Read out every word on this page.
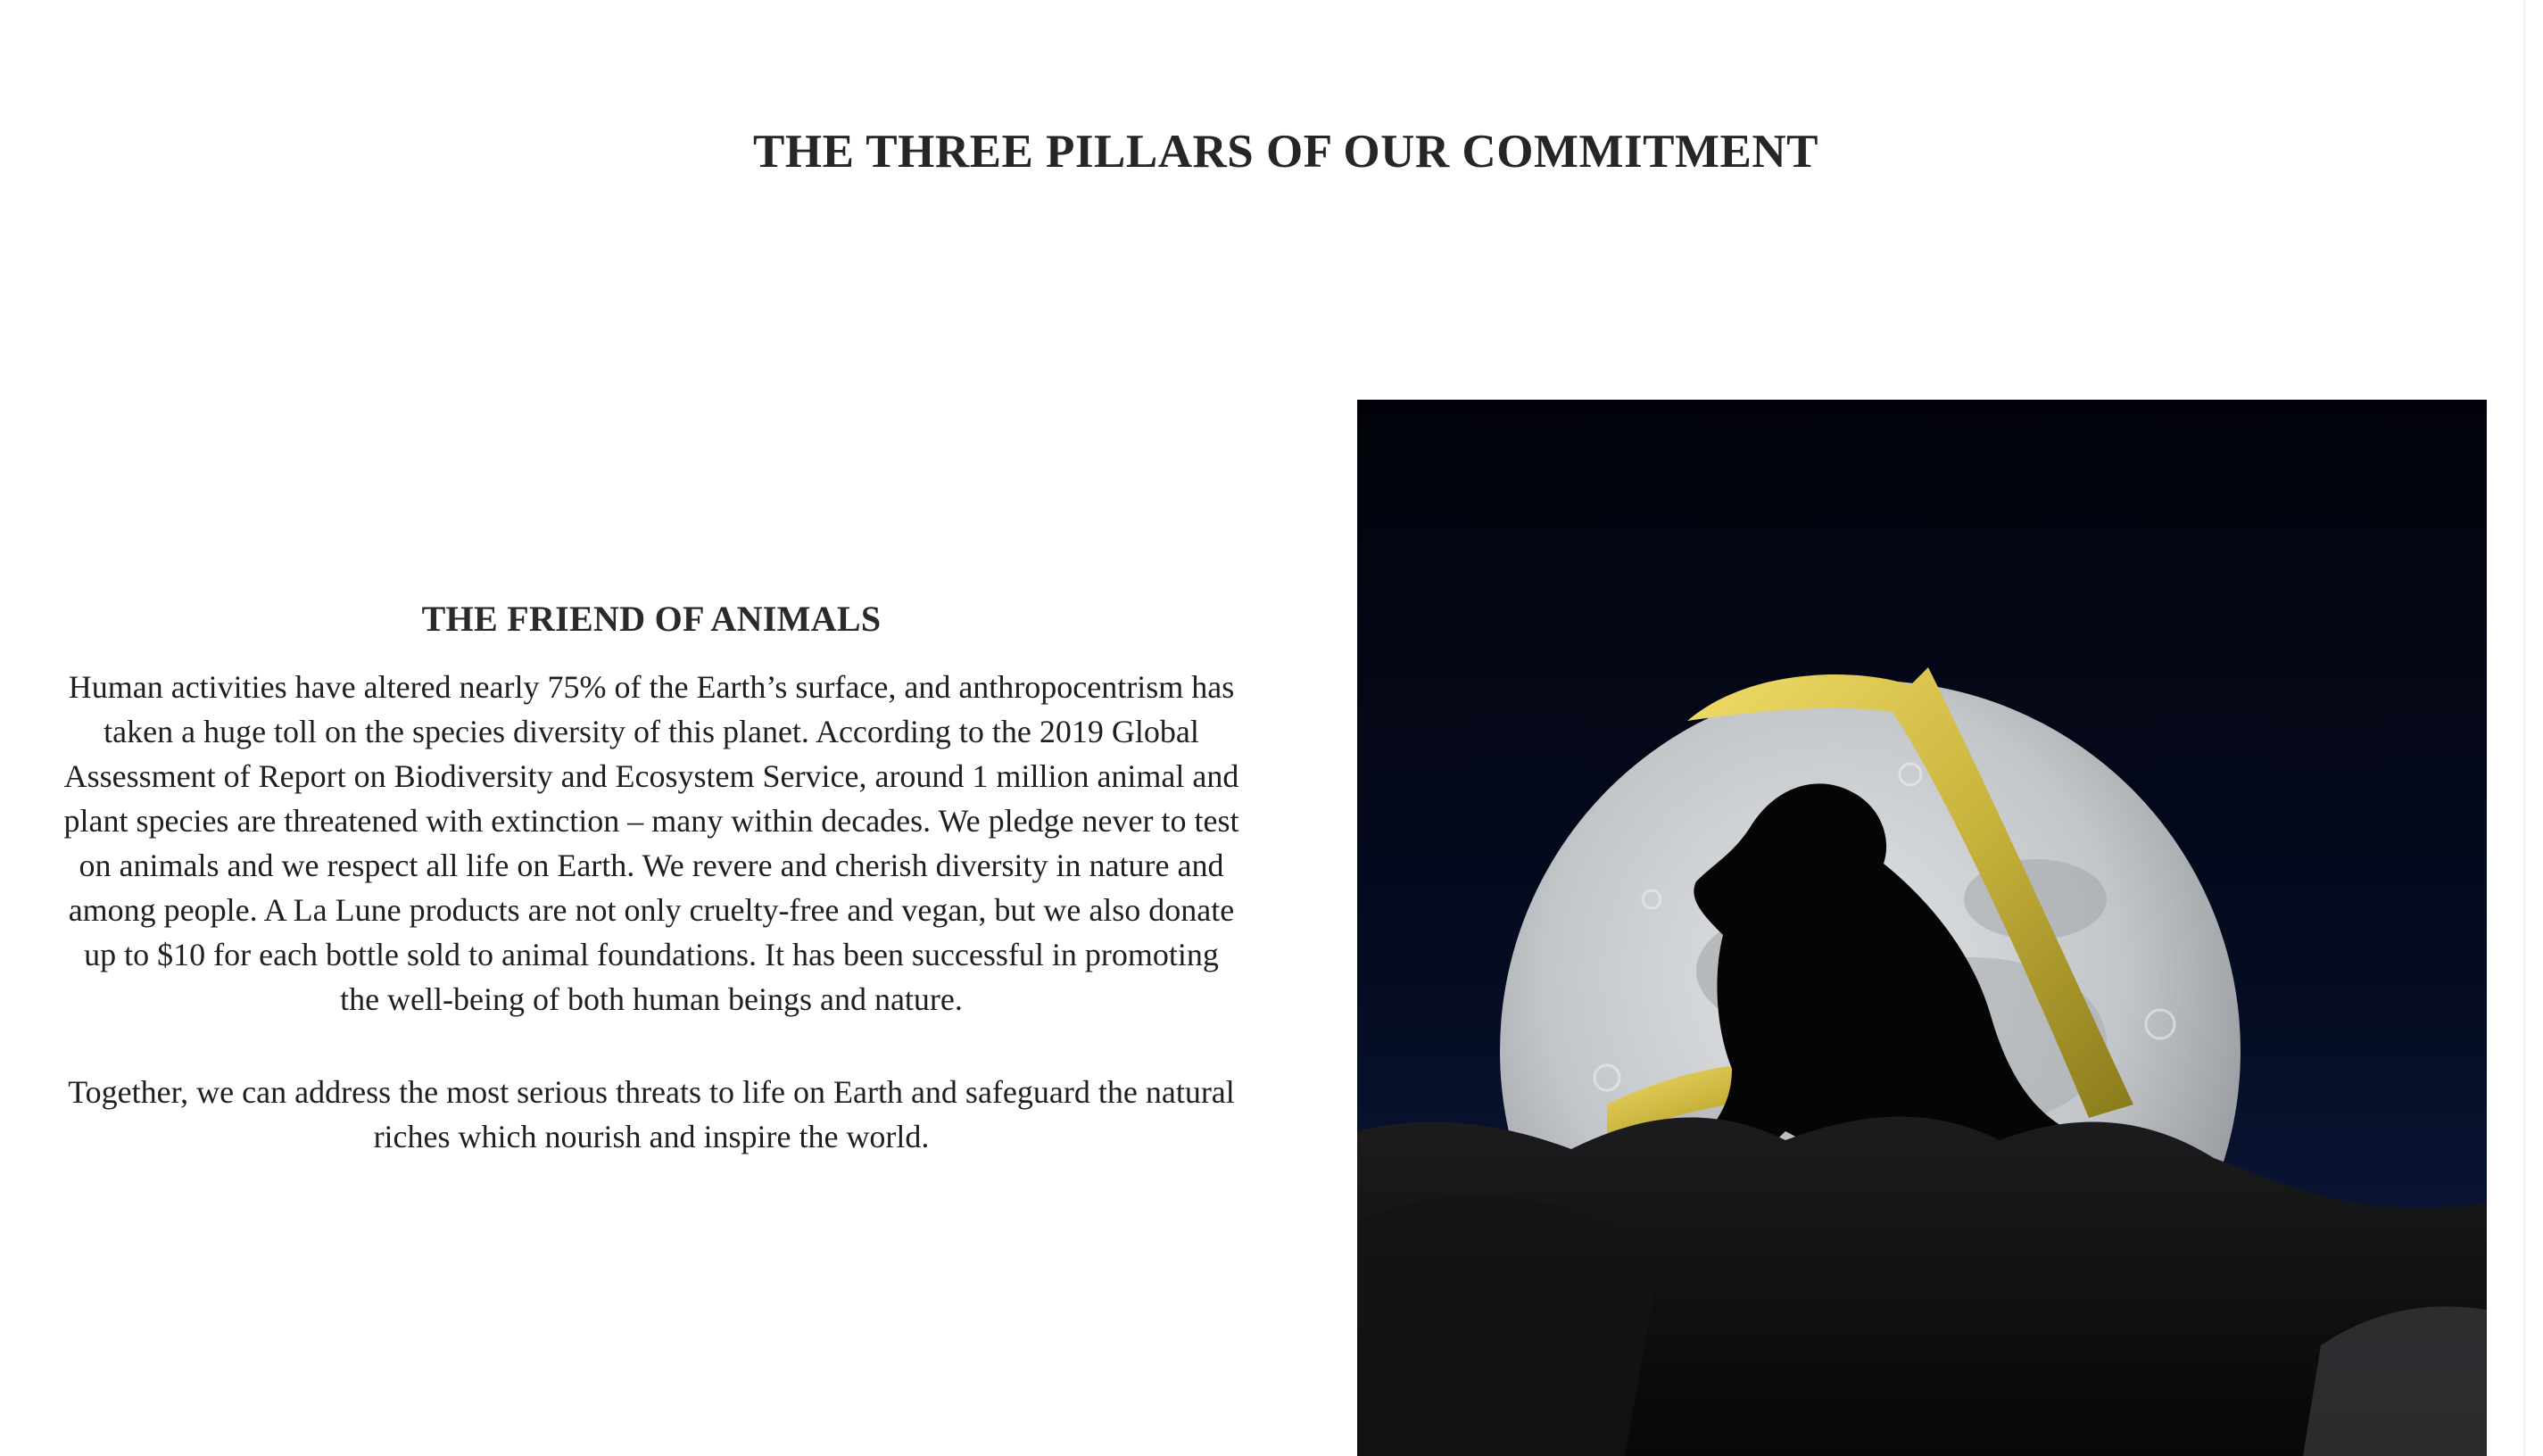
THE THREE PILLARS OF OUR COMMITMENT
THE FRIEND OF ANIMALS

Human activities have altered nearly 75% of the Earth’s surface, and anthropocentrism has taken a huge toll on the species diversity of this planet. According to the 2019 Global Assessment of Report on Biodiversity and Ecosystem Service, around 1 million animal and plant species are threatened with extinction – many within decades. We pledge never to test on animals and we respect all life on Earth. We revere and cherish diversity in nature and among people. A La Lune products are not only cruelty-free and vegan, but we also donate up to $10 for each bottle sold to animal foundations. It has been successful in promoting the well-being of both human beings and nature.

Together, we can address the most serious threats to life on Earth and safeguard the natural riches which nourish and inspire the world.
